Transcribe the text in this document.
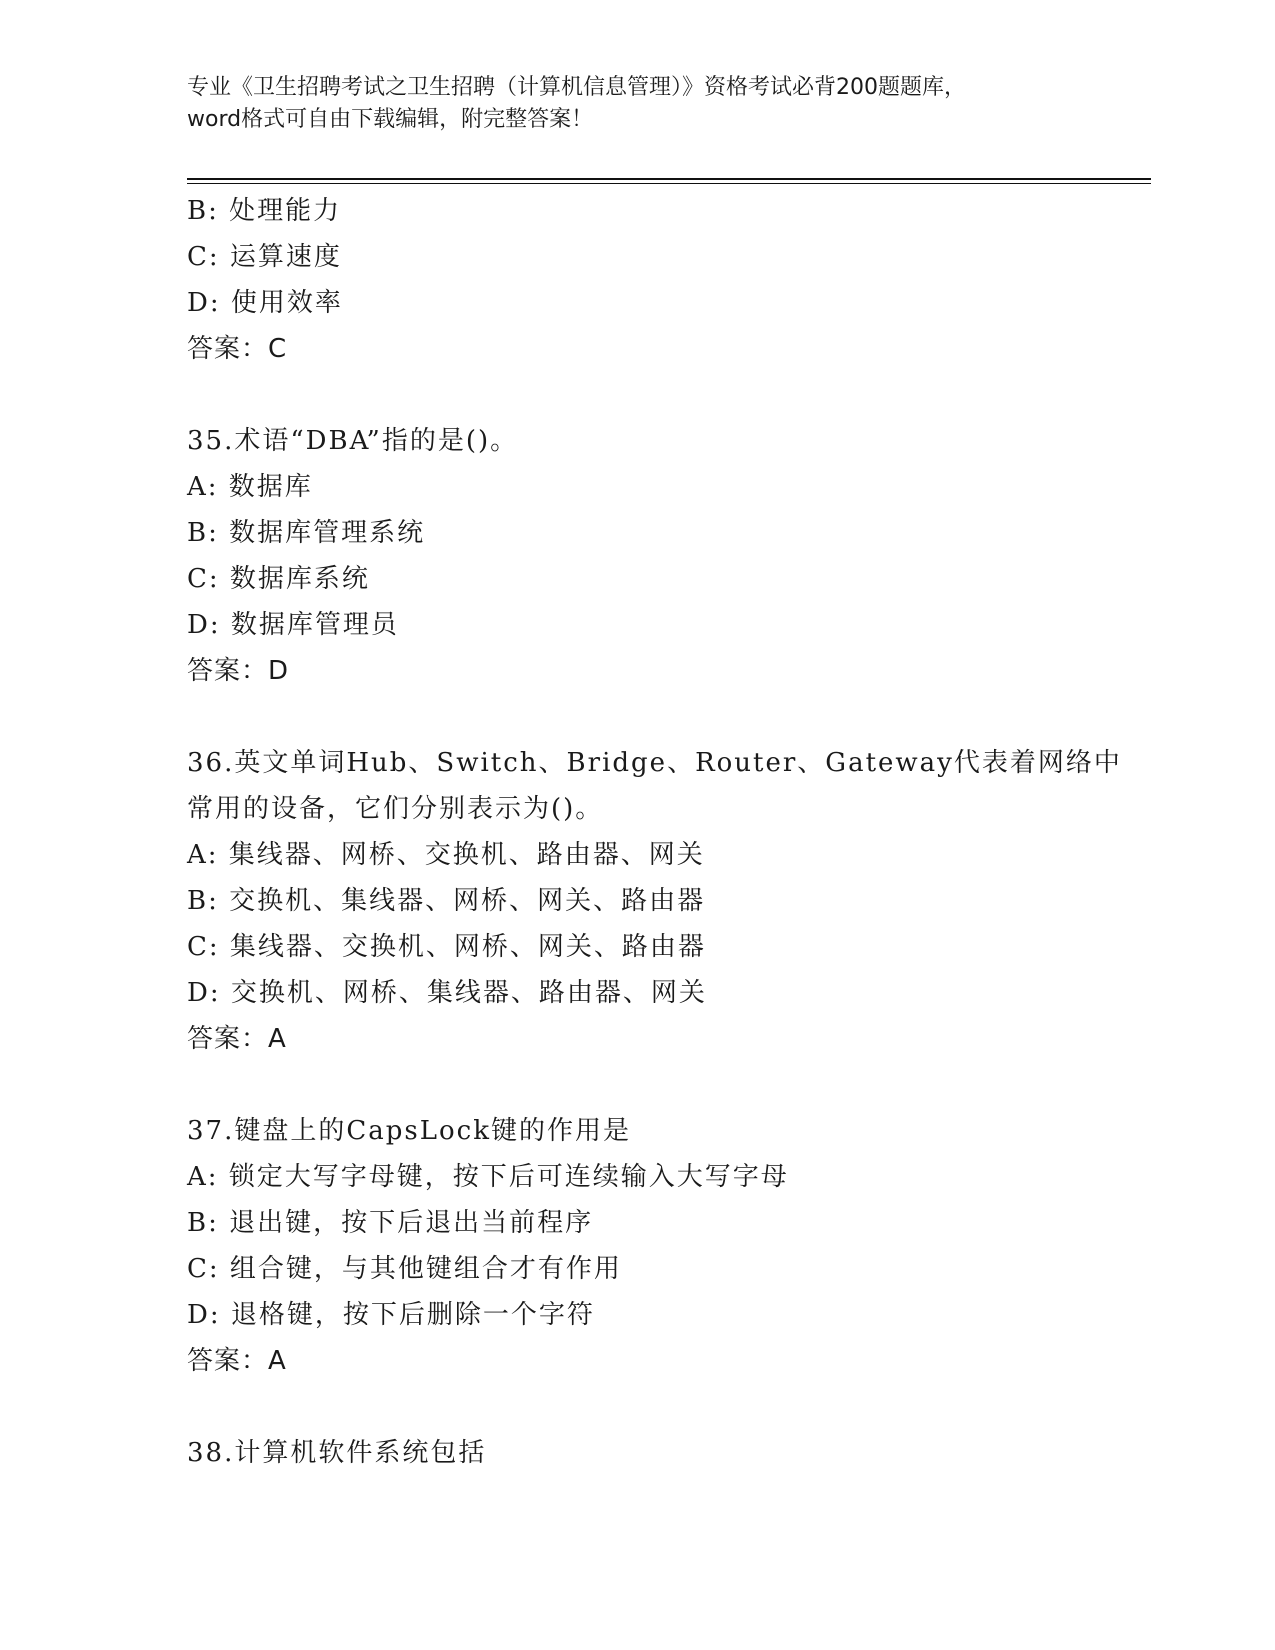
专业《卫生招聘考试之卫生招聘（计算机信息管理）》资格考试必背200题题库，
word格式可自由下载编辑，附完整答案！
B: 处理能力
C: 运算速度
D: 使用效率
答案：C
35.术语“DBA”指的是()。
A: 数据库
B: 数据库管理系统
C: 数据库系统
D: 数据库管理员
答案：D
36.英文单词Hub、Switch、Bridge、Router、Gateway代表着网络中
常用的设备，它们分别表示为()。
A: 集线器、网桥、交换机、路由器、网关
B: 交换机、集线器、网桥、网关、路由器
C: 集线器、交换机、网桥、网关、路由器
D: 交换机、网桥、集线器、路由器、网关
答案：A
37.键盘上的CapsLock键的作用是
A: 锁定大写字母键，按下后可连续输入大写字母
B: 退出键，按下后退出当前程序
C: 组合键，与其他键组合才有作用
D: 退格键，按下后删除一个字符
答案：A
38.计算机软件系统包括
